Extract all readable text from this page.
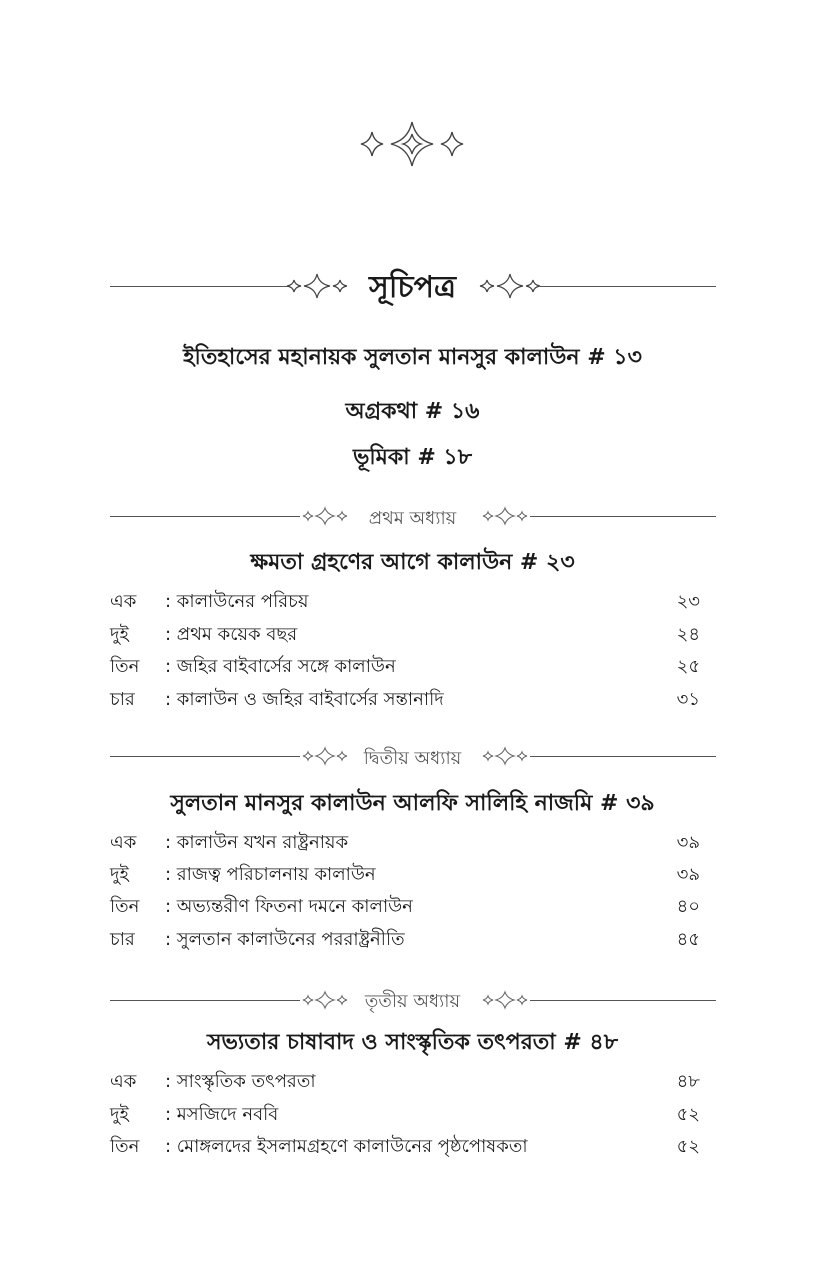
সূচিপত্র
ইতিহাসের মহানায়ক সুলতান মানসুর কালাউন # ১৩
অগ্রকথা # ১৬
ভূমিকা # ১৮
প্রথম অধ্যায়
ক্ষমতা গ্রহণের আগে কালাউন # ২৩
এক : কালাউনের পরিচয়	২৩
দুই : প্রথম কয়েক বছর	২৪
তিন : জহির বাইবার্সের সঙ্গে কালাউন	২৫
চার : কালাউন ও জহির বাইবার্সের সন্তানাদি	৩১
দ্বিতীয় অধ্যায়
সুলতান মানসুর কালাউন আলফি সালিহি নাজমি # ৩৯
এক : কালাউন যখন রাষ্ট্রনায়ক	৩৯
দুই : রাজত্ব পরিচালনায় কালাউন	৩৯
তিন : অভ্যন্তরীণ ফিতনা দমনে কালাউন	৪০
চার : সুলতান কালাউনের পররাষ্ট্রনীতি	৪৫
তৃতীয় অধ্যায়
সভ্যতার চাষাবাদ ও সাংস্কৃতিক তৎপরতা # ৪৮
এক : সাংস্কৃতিক তৎপরতা	৪৮
দুই : মসজিদে নববি	৫২
তিন : মোঙ্গলদের ইসলামগ্রহণে কালাউনের পৃষ্ঠপোষকতা	৫২
